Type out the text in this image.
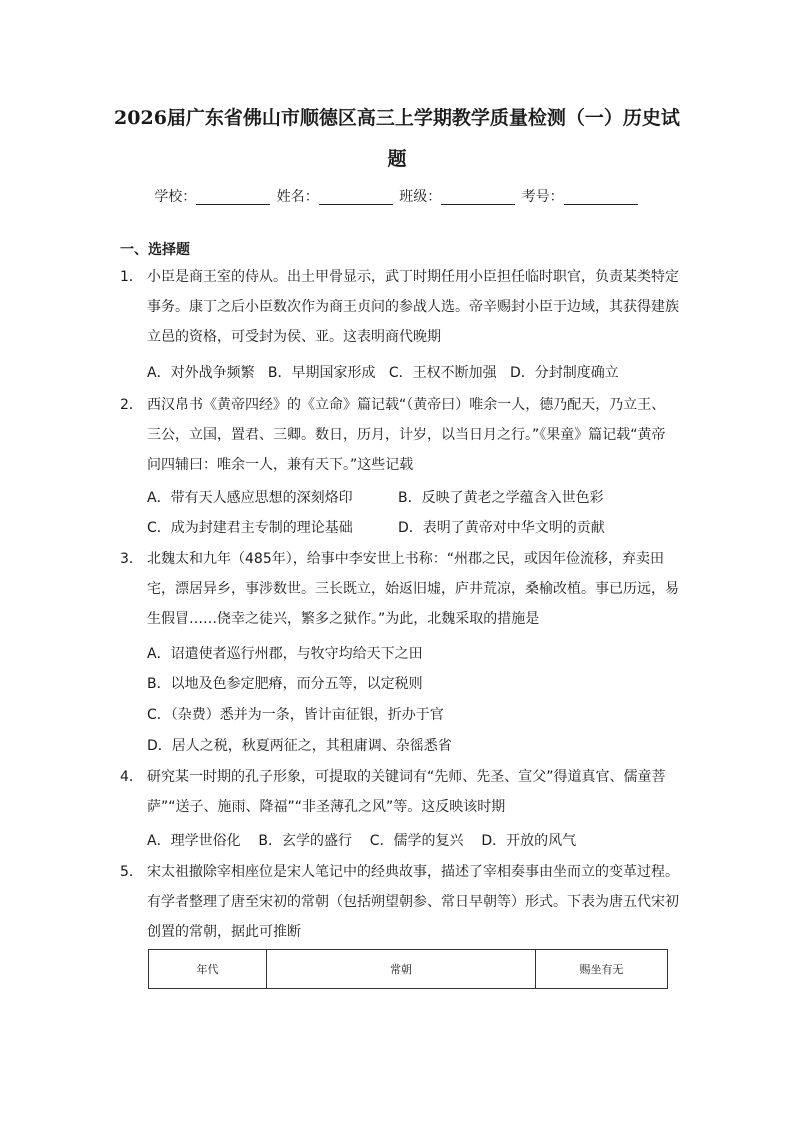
2026届广东省佛山市顺德区高三上学期教学质量检测（一）历史试
题
学校：	姓名：	班级：	考号：
一、选择题
1． 小臣是商王室的侍从。出土甲骨显示，武丁时期任用小臣担任临时职官，负责某类特定
事务。康丁之后小臣数次作为商王贞问的参战人选。帝辛赐封小臣于边域，其获得建族
立邑的资格，可受封为侯、亚。这表明商代晚期
A．对外战争频繁   B．早期国家形成   C．王权不断加强   D．分封制度确立
2． 西汉帛书《黄帝四经》的《立命》篇记载“（黄帝曰）唯余一人，德乃配天，乃立王、
三公，立国，置君、三卿。数日，历月，计岁，以当日月之行。”《果童》篇记载“黄帝
问四辅曰：唯余一人，兼有天下。”这些记载
A．带有天人感应思想的深刻烙印	B．反映了黄老之学蕴含入世色彩
C．成为封建君主专制的理论基础	D．表明了黄帝对中华文明的贡献
3． 北魏太和九年（485年），给事中李安世上书称：“州郡之民，或因年俭流移，弃卖田
宅，漂居异乡，事涉数世。三长既立，始返旧墟，庐井荒凉，桑榆改植。事已历远，易
生假冒……侥幸之徒兴，繁多之狱作。”为此，北魏采取的措施是
A．诏遣使者巡行州郡，与牧守均给天下之田
B．以地及色参定肥瘠，而分五等，以定税则
C．（杂费）悉并为一条，皆计亩征银，折办于官
D．居人之税，秋夏两征之，其租庸调、杂徭悉省
4． 研究某一时期的孔子形象，可提取的关键词有“先师、先圣、宣父”得道真官、儒童菩
萨”“送子、施雨、降福”“非圣薄孔之风”等。这反映该时期
A．理学世俗化    B．玄学的盛行    C．儒学的复兴    D．开放的风气
5． 宋太祖撤除宰相座位是宋人笔记中的经典故事，描述了宰相奏事由坐而立的变革过程。
有学者整理了唐至宋初的常朝（包括朔望朝参、常日早朝等）形式。下表为唐五代宋初
创置的常朝，据此可推断
年代	常朝	赐坐有无
